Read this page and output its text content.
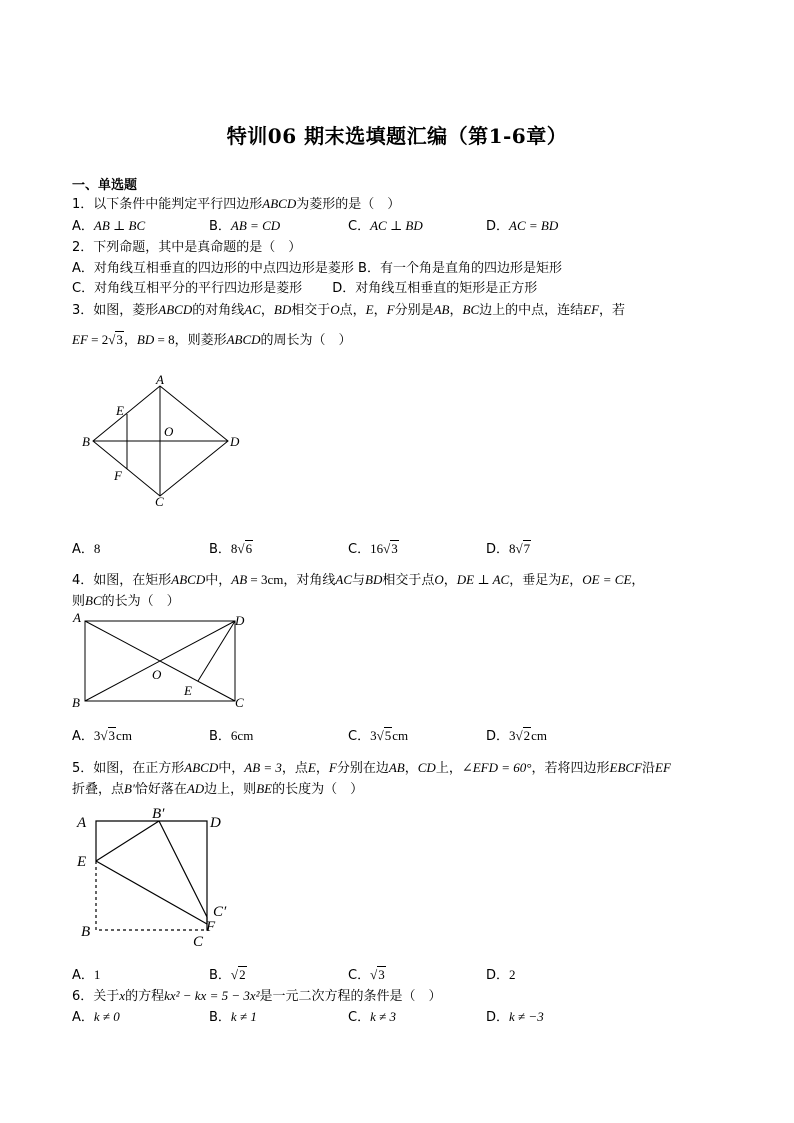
特训06 期末选填题汇编（第1-6章）
一、单选题
1．以下条件中能判定平行四边形ABCD为菱形的是（　）
A．AB ⊥ BC	B．AB = CD	C．AC ⊥ BD	D．AC = BD
2．下列命题，其中是真命题的是（　）
A．对角线互相垂直的四边形的中点四边形是菱形 B．有一个角是直角的四边形是矩形
C．对角线互相平分的平行四边形是菱形　　 D．对角线互相垂直的矩形是正方形
3．如图，菱形ABCD的对角线AC，BD相交于O点，E，F分别是AB，BC边上的中点，连结EF，若
EF = 2√3，BD = 8，则菱形ABCD的周长为（　）
A
B
C
D
E
F
O
A．8	B．8√6	C．16√3	D．8√7
4．如图，在矩形ABCD中，AB = 3cm，对角线AC与BD相交于点O，DE ⊥ AC，垂足为E，OE = CE，
则BC的长为（　）
A
B	C
D
E
O
A．3√3cm	B．6cm	C．3√5cm	D．3√2cm
5．如图，在正方形ABCD中，AB = 3，点E，F分别在边AB，CD上，∠EFD = 60°，若将四边形EBCF沿EF
折叠，点B′恰好落在AD边上，则BE的长度为（　）
A
B′
D
E
C′
F
B
C
A．1	B．√2	C．√3	D．2
6．关于x的方程kx² − kx = 5 − 3x²是一元二次方程的条件是（　）
A．k ≠ 0	B．k ≠ 1	C．k ≠ 3	D．k ≠ −3
